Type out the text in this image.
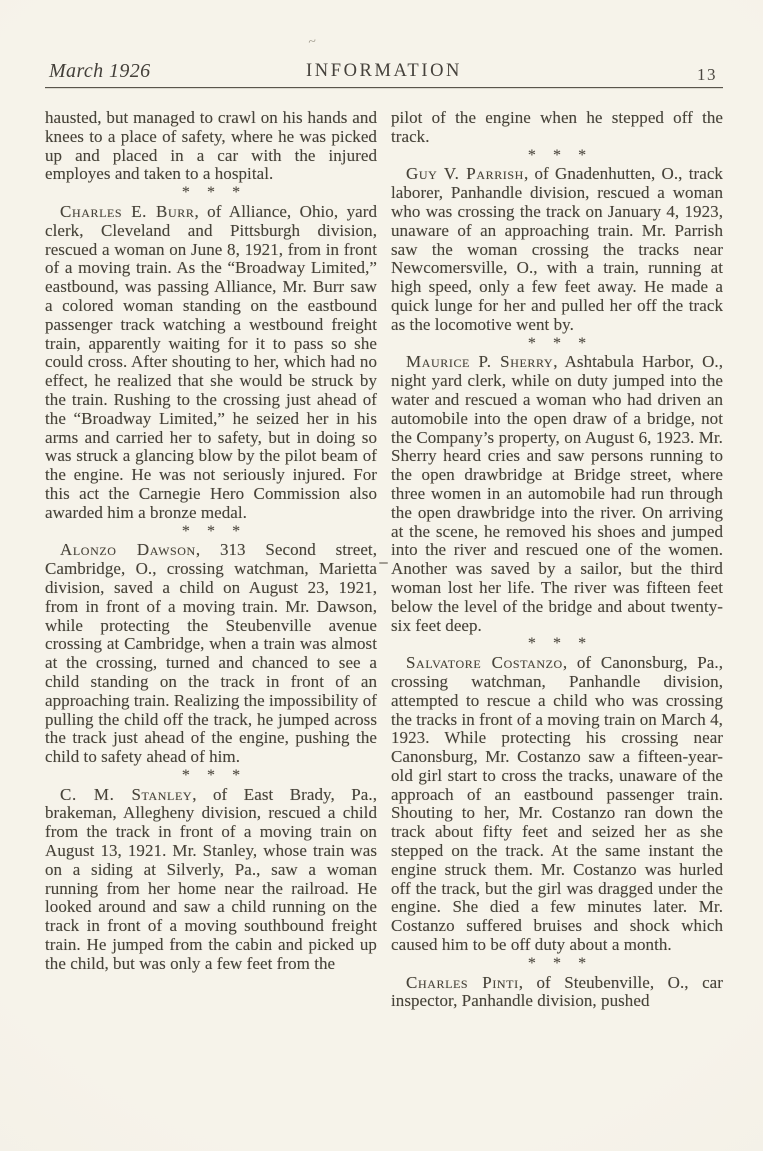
~
March 1926	INFORMATION	13

hausted, but managed to crawl on his hands and knees to a place of safety, where he was picked up and placed in a car with the injured employes and taken to a hospital.

* * *

Charles E. Burr, of Alliance, Ohio, yard clerk, Cleveland and Pittsburgh division, rescued a woman on June 8, 1921, from in front of a moving train. As the “Broadway Limited,” eastbound, was passing Alliance, Mr. Burr saw a colored woman standing on the eastbound passenger track watching a westbound freight train, apparently waiting for it to pass so she could cross. After shouting to her, which had no effect, he realized that she would be struck by the train. Rushing to the crossing just ahead of the “Broadway Limited,” he seized her in his arms and carried her to safety, but in doing so was struck a glancing blow by the pilot beam of the engine. He was not seriously injured. For this act the Carnegie Hero Commission also awarded him a bronze medal.

* * *

Alonzo Dawson, 313 Second street, Cambridge, O., crossing watchman, Marietta division, saved a child on August 23, 1921, from in front of a moving train. Mr. Dawson, while protecting the Steubenville avenue crossing at Cambridge, when a train was almost at the crossing, turned and chanced to see a child standing on the track in front of an approaching train. Realizing the impossibility of pulling the child off the track, he jumped across the track just ahead of the engine, pushing the child to safety ahead of him.

* * *

C. M. Stanley, of East Brady, Pa., brakeman, Allegheny division, rescued a child from the track in front of a moving train on August 13, 1921. Mr. Stanley, whose train was on a siding at Silverly, Pa., saw a woman running from her home near the railroad. He looked around and saw a child running on the track in front of a moving southbound freight train. He jumped from the cabin and picked up the child, but was only a few feet from the

pilot of the engine when he stepped off the track.

* * *

Guy V. Parrish, of Gnadenhutten, O., track laborer, Panhandle division, rescued a woman who was crossing the track on January 4, 1923, unaware of an approaching train. Mr. Parrish saw the woman crossing the tracks near Newcomersville, O., with a train, running at high speed, only a few feet away. He made a quick lunge for her and pulled her off the track as the locomotive went by.

* * *

Maurice P. Sherry, Ashtabula Harbor, O., night yard clerk, while on duty jumped into the water and rescued a woman who had driven an automobile into the open draw of a bridge, not the Company’s property, on August 6, 1923. Mr. Sherry heard cries and saw persons running to the open drawbridge at Bridge street, where three women in an automobile had run through the open drawbridge into the river. On arriving at the scene, he removed his shoes and jumped into the river and rescued one of the women. Another was saved by a sailor, but the third woman lost her life. The river was fifteen feet below the level of the bridge and about twenty-six feet deep.

* * *

Salvatore Costanzo, of Canonsburg, Pa., crossing watchman, Panhandle division, attempted to rescue a child who was crossing the tracks in front of a moving train on March 4, 1923. While protecting his crossing near Canonsburg, Mr. Costanzo saw a fifteen-year-old girl start to cross the tracks, unaware of the approach of an eastbound passenger train. Shouting to her, Mr. Costanzo ran down the track about fifty feet and seized her as she stepped on the track. At the same instant the engine struck them. Mr. Costanzo was hurled off the track, but the girl was dragged under the engine. She died a few minutes later. Mr. Costanzo suffered bruises and shock which caused him to be off duty about a month.

* * *

Charles Pinti, of Steubenville, O., car inspector, Panhandle division, pushed
